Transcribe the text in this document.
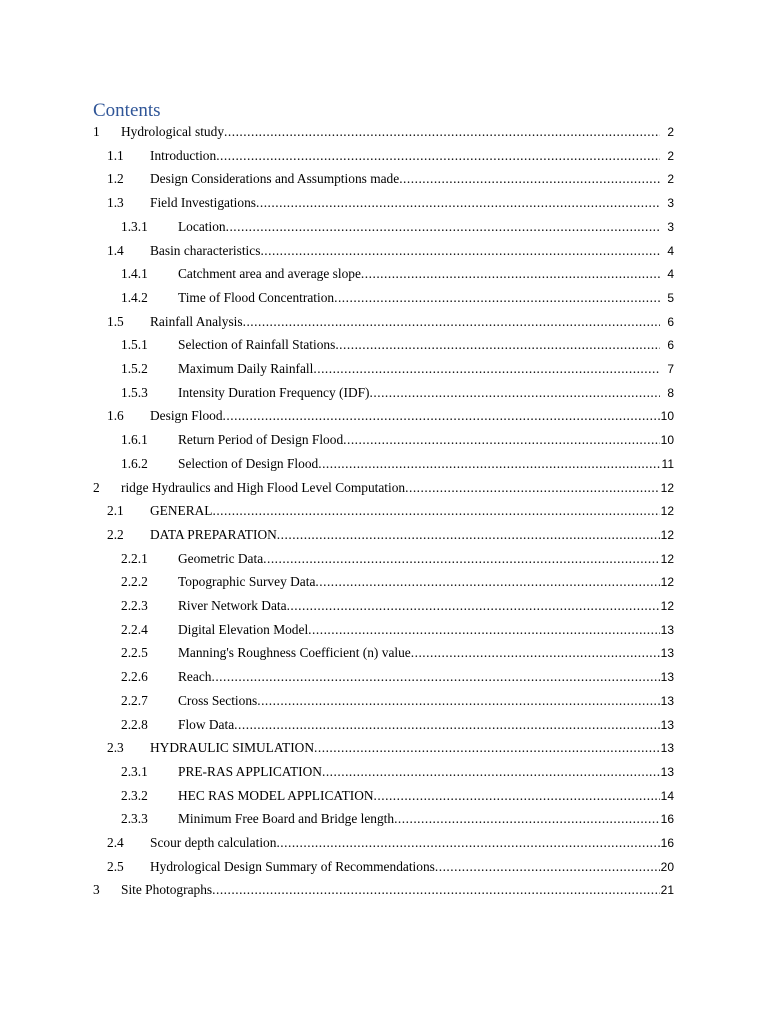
Contents
1 Hydrological study .....	2
1.1 Introduction .....	2
1.2 Design Considerations and Assumptions made .....	2
1.3 Field Investigations .....	3
1.3.1 Location .....	3
1.4 Basin characteristics .....	4
1.4.1 Catchment area and average slope .....	4
1.4.2 Time of Flood Concentration .....	5
1.5 Rainfall Analysis .....	6
1.5.1 Selection of Rainfall Stations .....	6
1.5.2 Maximum Daily Rainfall .....	7
1.5.3 Intensity Duration Frequency (IDF) .....	8
1.6 Design Flood .....	10
1.6.1 Return Period of Design Flood .....	10
1.6.2 Selection of Design Flood .....	11
2 ridge Hydraulics and High Flood Level Computation .....	12
2.1 GENERAL .....	12
2.2 DATA PREPARATION .....	12
2.2.1 Geometric Data .....	12
2.2.2 Topographic Survey Data .....	12
2.2.3 River Network Data .....	12
2.2.4 Digital Elevation Model .....	13
2.2.5 Manning's Roughness Coefficient (n) value .....	13
2.2.6 Reach .....	13
2.2.7 Cross Sections .....	13
2.2.8 Flow Data .....	13
2.3 HYDRAULIC SIMULATION .....	13
2.3.1 PRE-RAS APPLICATION .....	13
2.3.2 HEC RAS MODEL APPLICATION .....	14
2.3.3 Minimum Free Board and Bridge length .....	16
2.4 Scour depth calculation .....	16
2.5 Hydrological Design Summary of Recommendations .....	20
3 Site Photographs .....	21
